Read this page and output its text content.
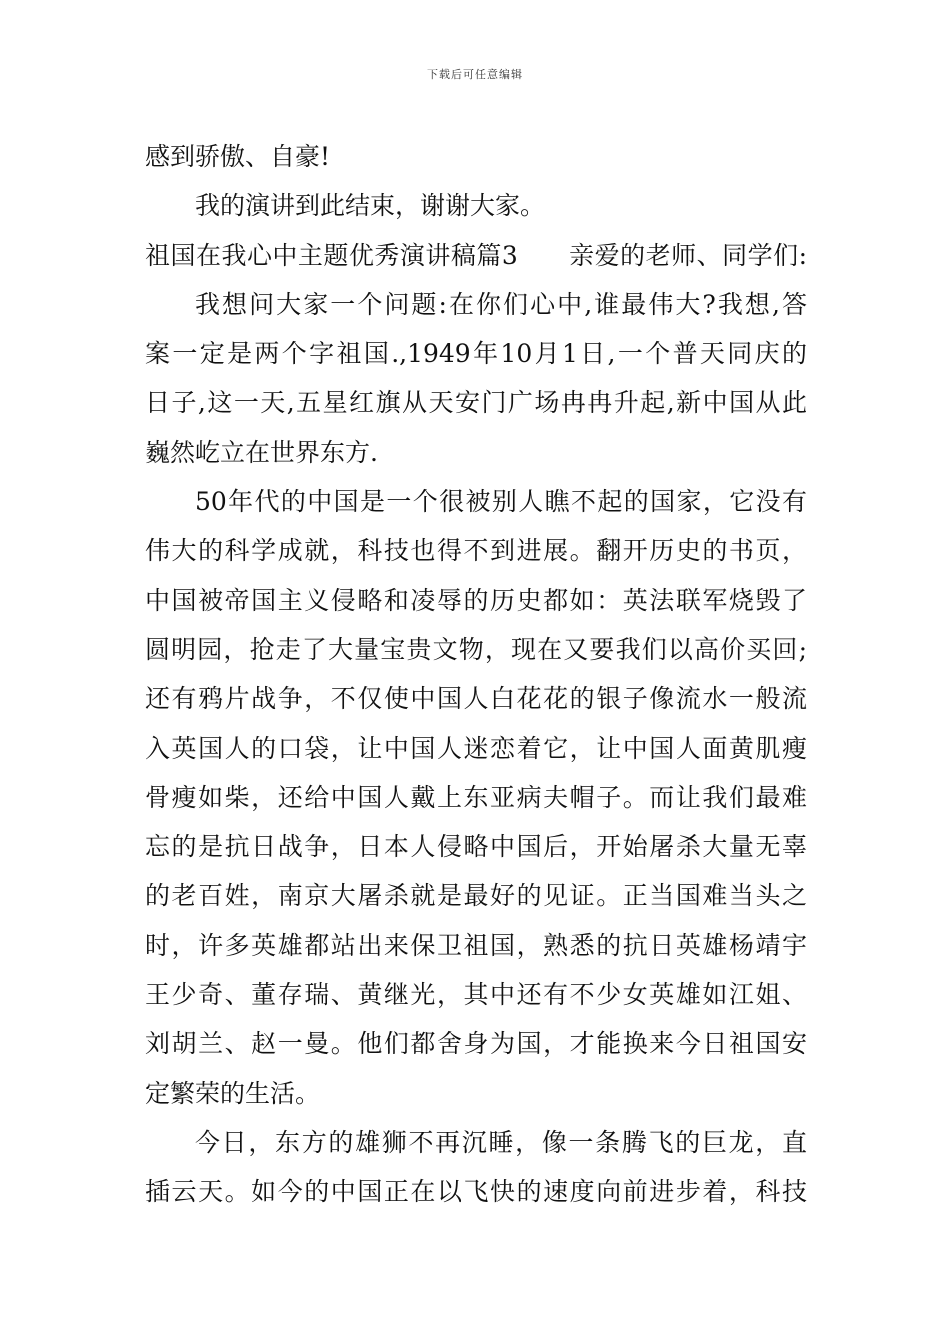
下载后可任意编辑
感到骄傲、自豪!
我的演讲到此结束，谢谢大家。
祖国在我心中主题优秀演讲稿篇3　　亲爱的老师、同学们:
我想问大家一个问题:在你们心中,谁最伟大?我想,答
案一定是两个字祖国.,1949年10月1日,一个普天同庆的
日子,这一天,五星红旗从天安门广场冉冉升起,新中国从此
巍然屹立在世界东方.
50年代的中国是一个很被别人瞧不起的国家，它没有
伟大的科学成就，科技也得不到进展。翻开历史的书页，
中国被帝国主义侵略和凌辱的历史都如：英法联军烧毁了
圆明园，抢走了大量宝贵文物，现在又要我们以高价买回;
还有鸦片战争，不仅使中国人白花花的银子像流水一般流
入英国人的口袋，让中国人迷恋着它，让中国人面黄肌瘦
骨瘦如柴，还给中国人戴上东亚病夫帽子。而让我们最难
忘的是抗日战争，日本人侵略中国后，开始屠杀大量无辜
的老百姓，南京大屠杀就是最好的见证。正当国难当头之
时，许多英雄都站出来保卫祖国，熟悉的抗日英雄杨靖宇
王少奇、董存瑞、黄继光，其中还有不少女英雄如江姐、
刘胡兰、赵一曼。他们都舍身为国，才能换来今日祖国安
定繁荣的生活。
今日，东方的雄狮不再沉睡，像一条腾飞的巨龙，直
插云天。如今的中国正在以飞快的速度向前进步着，科技
